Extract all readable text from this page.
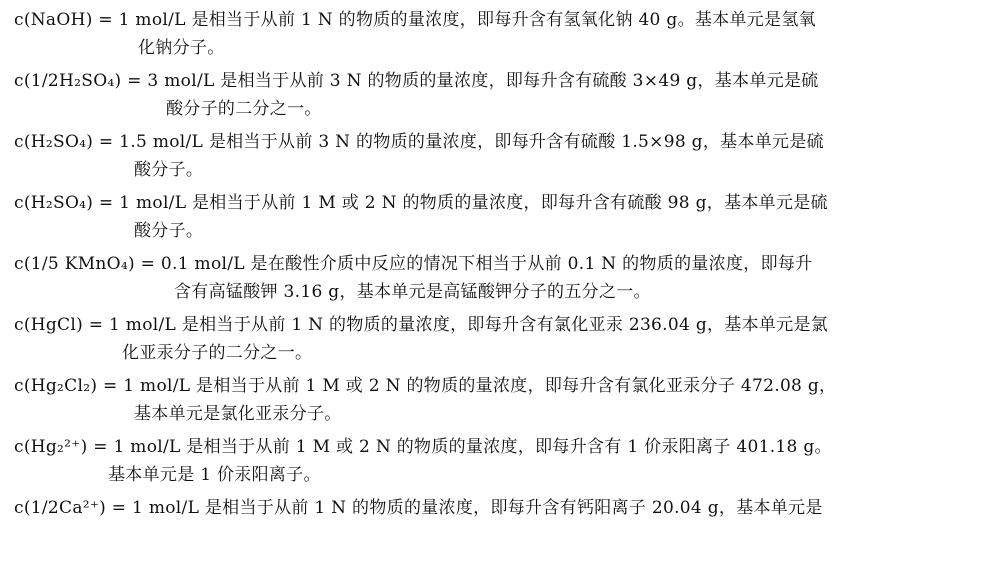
c(NaOH) = 1 mol/L 是相当于从前 1 N 的物质的量浓度，即每升含有氢氧化钠 40 g。基本单元是氢氧
化钠分子。

c(1/2H₂SO₄) = 3 mol/L 是相当于从前 3 N 的物质的量浓度，即每升含有硫酸 3×49 g，基本单元是硫
酸分子的二分之一。

c(H₂SO₄) = 1.5 mol/L 是相当于从前 3 N 的物质的量浓度，即每升含有硫酸 1.5×98 g，基本单元是硫
酸分子。

c(H₂SO₄) = 1 mol/L 是相当于从前 1 M 或 2 N 的物质的量浓度，即每升含有硫酸 98 g，基本单元是硫
酸分子。

c(1/5 KMnO₄) = 0.1 mol/L 是在酸性介质中反应的情况下相当于从前 0.1 N 的物质的量浓度，即每升
含有高锰酸钾 3.16 g，基本单元是高锰酸钾分子的五分之一。

c(HgCl) = 1 mol/L 是相当于从前 1 N 的物质的量浓度，即每升含有氯化亚汞 236.04 g，基本单元是氯
化亚汞分子的二分之一。

c(Hg₂Cl₂) = 1 mol/L 是相当于从前 1 M 或 2 N 的物质的量浓度，即每升含有氯化亚汞分子 472.08 g，
基本单元是氯化亚汞分子。

c(Hg₂²⁺) = 1 mol/L 是相当于从前 1 M 或 2 N 的物质的量浓度，即每升含有 1 价汞阳离子 401.18 g。
基本单元是 1 价汞阳离子。

c(1/2Ca²⁺) = 1 mol/L 是相当于从前 1 N 的物质的量浓度，即每升含有钙阳离子 20.04 g，基本单元是
